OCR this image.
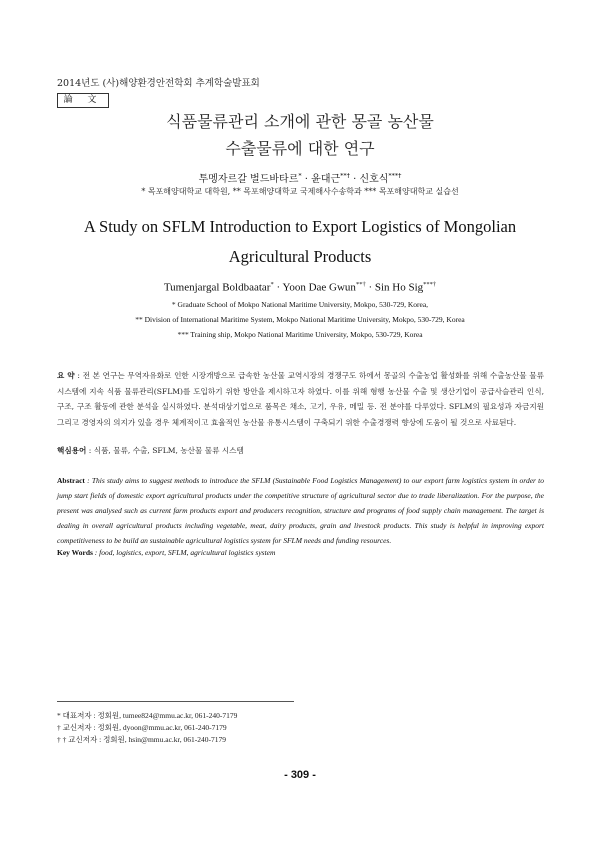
2014년도 (사)해양환경안전학회 추계학술발표회
論 文
식품물류관리 소개에 관한 몽골 농산물
수출물류에 대한 연구
투멩자르갈 벌드바타르* · 윤대근**† · 신호식***†
* 목포해양대학교 대학원, ** 목포해양대학교 국제해사수송학과 *** 목포해양대학교 실습선
A Study on SFLM Introduction to Export Logistics of Mongolian
Agricultural Products
Tumenjargal Boldbaatar* · Yoon Dae Gwun**† · Sin Ho Sig***†
* Graduate School of Mokpo National Maritime University, Mokpo, 530-729, Korea,
** Division of International Maritime System, Mokpo National Maritime University, Mokpo, 530-729, Korea
*** Training ship, Mokpo National Maritime University, Mokpo, 530-729, Korea
요 약 : 전 본 연구는 무역자유화로 인한 시장개방으로 급속한 농산물 교역시장의 경쟁구도 하에서 몽골의 수출농업 활성화를 위해 수출농산물 물류 시스템에 지속 식품 물류관리(SFLM)를 도입하기 위한 방안을 제시하고자 하였다. 이를 위해 형행 농산물 수출 및 생산기업이 공급사슬관리 인식, 구조, 구조 활동에 관한 분석을 실시하였다. 분석대상기업으로 품목은 채소, 고기, 우유, 메밀 등. 전 분야를 다루었다. SFLM의 필요성과 자금지원 그리고 경영자의 의지가 있을 경우 체계적이고 효율적인 농산물 유통시스템이 구축되기 위한 수출경쟁력 향상에 도움이 될 것으로 사료된다.
핵심용어 : 식품, 물류, 수출, SFLM, 농산물 물류 시스템
Abstract : This study aims to suggest methods to introduce the SFLM (Sustainable Food Logistics Management) to our export farm logistics system in order to jump start fields of domestic export agricultural products under the competitive structure of agricultural sector due to trade liberalization. For the purpose, the present was analysed such as current farm products export and producers recognition, structure and programs of food supply chain management. The target is dealing in overall agricultural products including vegetable, meat, dairy products, grain and livestock products. This study is helpful in improving export competitiveness to be build an sustainable agricultural logistics system for SFLM needs and funding resources.
Key Words : food, logistics, export, SFLM, agricultural logistics system
* 대표저자 : 정회원, tumee824@mmu.ac.kr, 061-240-7179
† 교신저자 : 정회원, dyoon@mmu.ac.kr, 061-240-7179
† † 교신저자 : 정회원, hsin@mmu.ac.kr, 061-240-7179
- 309 -
